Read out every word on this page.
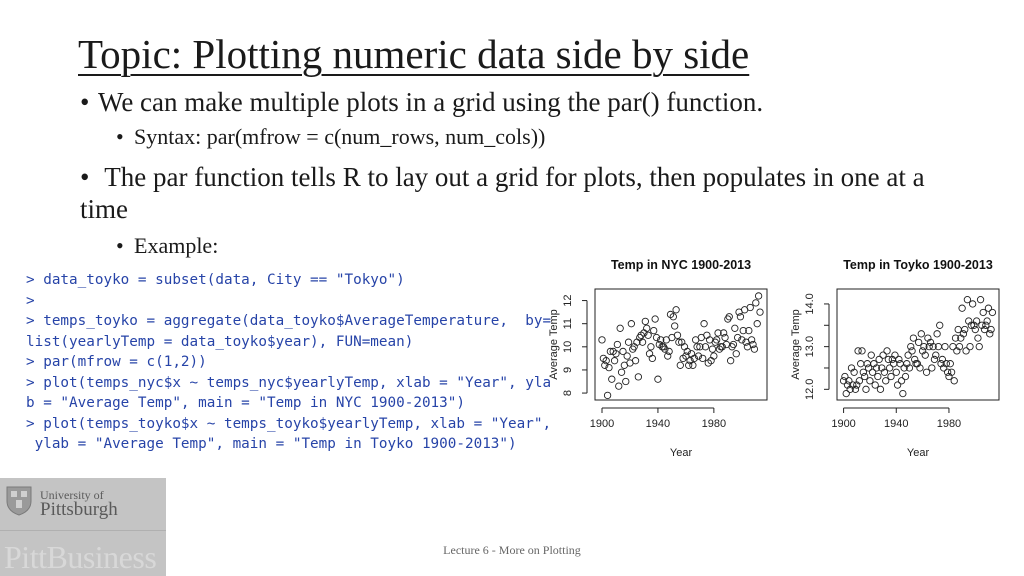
Topic: Plotting numeric data side by side
• We can make multiple plots in a grid using the par() function.
• Syntax: par(mfrow = c(num_rows, num_cols))
• The par function tells R to lay out a grid for plots, then populates in one at a time
• Example:
> data_toyko = subset(data, City == "Tokyo")
>
> temps_toyko = aggregate(data_toyko$AverageTemperature,  by=
list(yearlyTemp = data_toyko$year), FUN=mean)
> par(mfrow = c(1,2))
> plot(temps_nyc$x ~ temps_nyc$yearlyTemp, xlab = "Year", yla
b = "Average Temp", main = "Temp in NYC 1900-2013")
> plot(temps_toyko$x ~ temps_toyko$yearlyTemp, xlab = "Year",
ylab = "Average Temp", main = "Temp in Toyko 1900-2013")
Temp in NYC 1900-2013
1900	1940	1980
Year
8
9
10
11
12
Average Temp
Temp in Toyko 1900-2013
1900	1940	1980
Year
12.0
13.0
14.0
Average Temp
University of
Pittsburgh
PittBusiness	Lecture 6 - More on Plotting
